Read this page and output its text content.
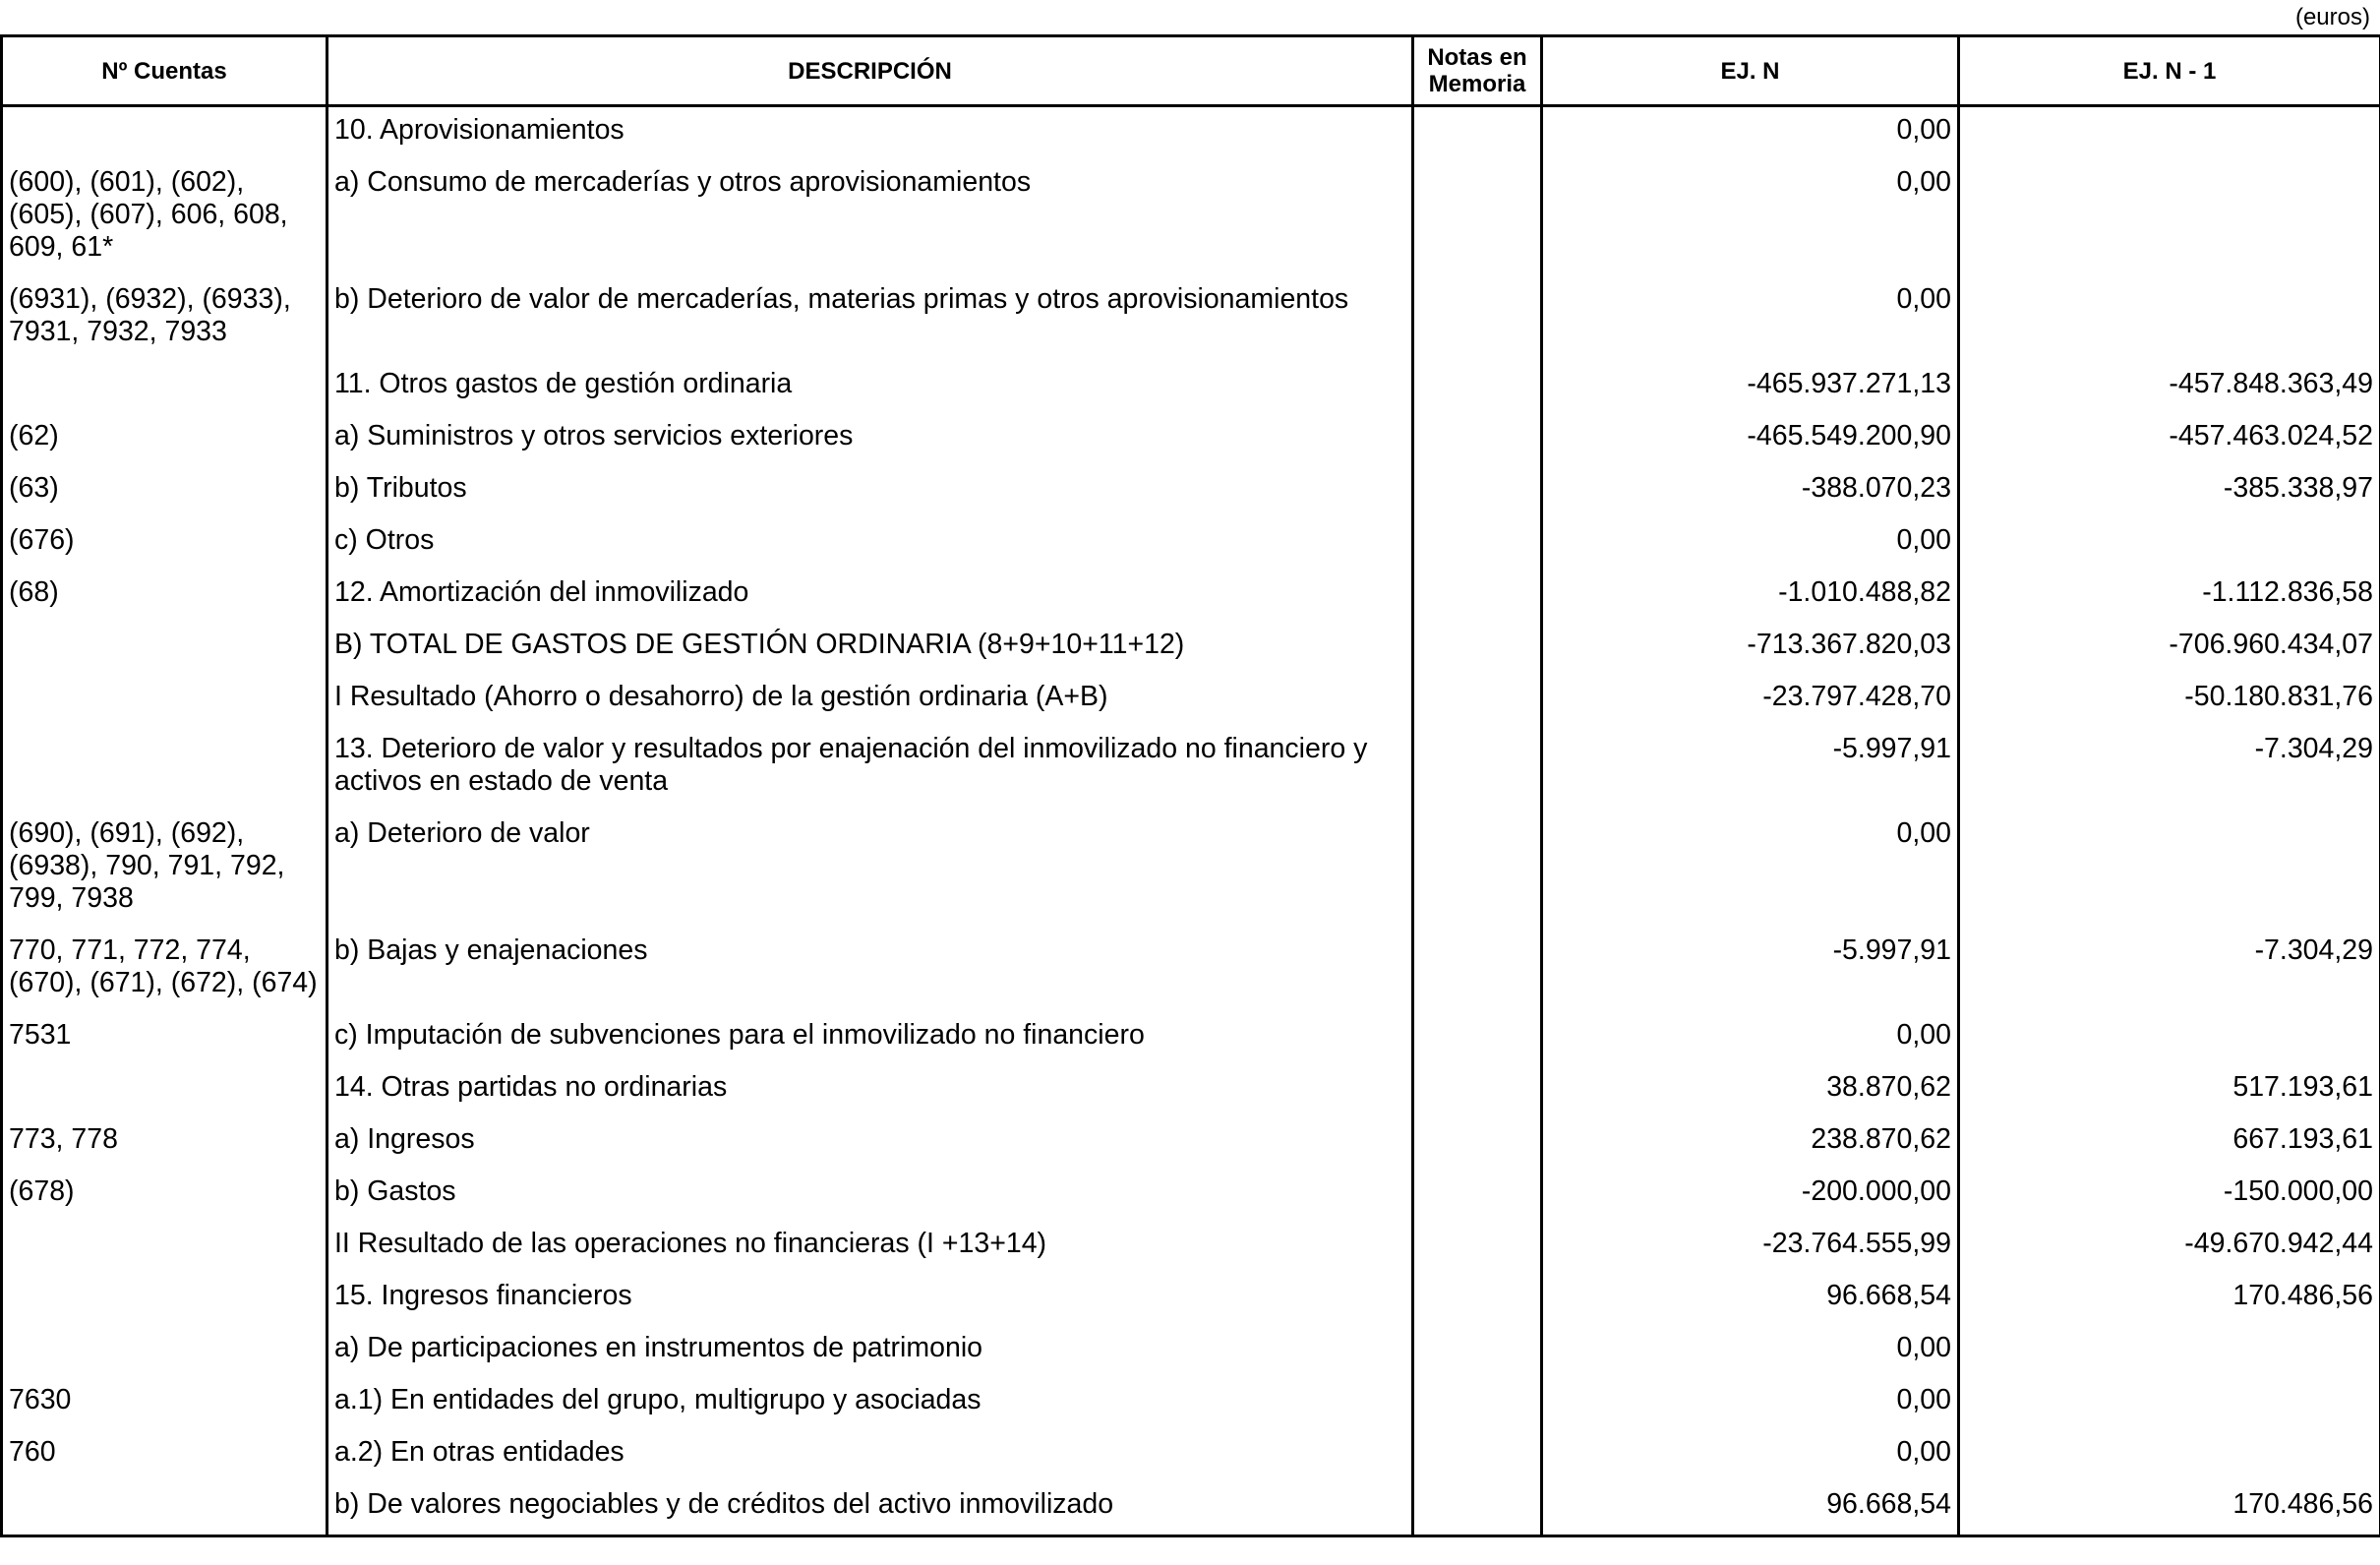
(euros)
Nº Cuentas	DESCRIPCIÓN	Notas en Memoria	EJ. N	EJ. N - 1
	10. Aprovisionamientos		0,00	
(600), (601), (602), (605), (607), 606, 608, 609, 61*	a) Consumo de mercaderías y otros aprovisionamientos		0,00	
(6931), (6932), (6933), 7931, 7932, 7933	b) Deterioro de valor de mercaderías, materias primas y otros aprovisionamientos		0,00	
	11. Otros gastos de gestión ordinaria		-465.937.271,13	-457.848.363,49
(62)	a) Suministros y otros servicios exteriores		-465.549.200,90	-457.463.024,52
(63)	b) Tributos		-388.070,23	-385.338,97
(676)	c) Otros		0,00	
(68)	12. Amortización del inmovilizado		-1.010.488,82	-1.112.836,58
	B) TOTAL DE GASTOS DE GESTIÓN ORDINARIA (8+9+10+11+12)		-713.367.820,03	-706.960.434,07
	I Resultado (Ahorro o desahorro) de la gestión ordinaria (A+B)		-23.797.428,70	-50.180.831,76
	13. Deterioro de valor y resultados por enajenación del inmovilizado no financiero y activos en estado de venta		-5.997,91	-7.304,29
(690), (691), (692), (6938), 790, 791, 792, 799, 7938	a) Deterioro de valor		0,00	
770, 771, 772, 774, (670), (671), (672), (674)	b) Bajas y enajenaciones		-5.997,91	-7.304,29
7531	c) Imputación de subvenciones para el inmovilizado no financiero		0,00	
	14. Otras partidas no ordinarias		38.870,62	517.193,61
773, 778	a) Ingresos		238.870,62	667.193,61
(678)	b) Gastos		-200.000,00	-150.000,00
	II Resultado de las operaciones no financieras (I +13+14)		-23.764.555,99	-49.670.942,44
	15. Ingresos financieros		96.668,54	170.486,56
	a) De participaciones en instrumentos de patrimonio		0,00	
7630	a.1) En entidades del grupo, multigrupo y asociadas		0,00	
760	a.2) En otras entidades		0,00	
	b) De valores negociables y de créditos del activo inmovilizado		96.668,54	170.486,56
